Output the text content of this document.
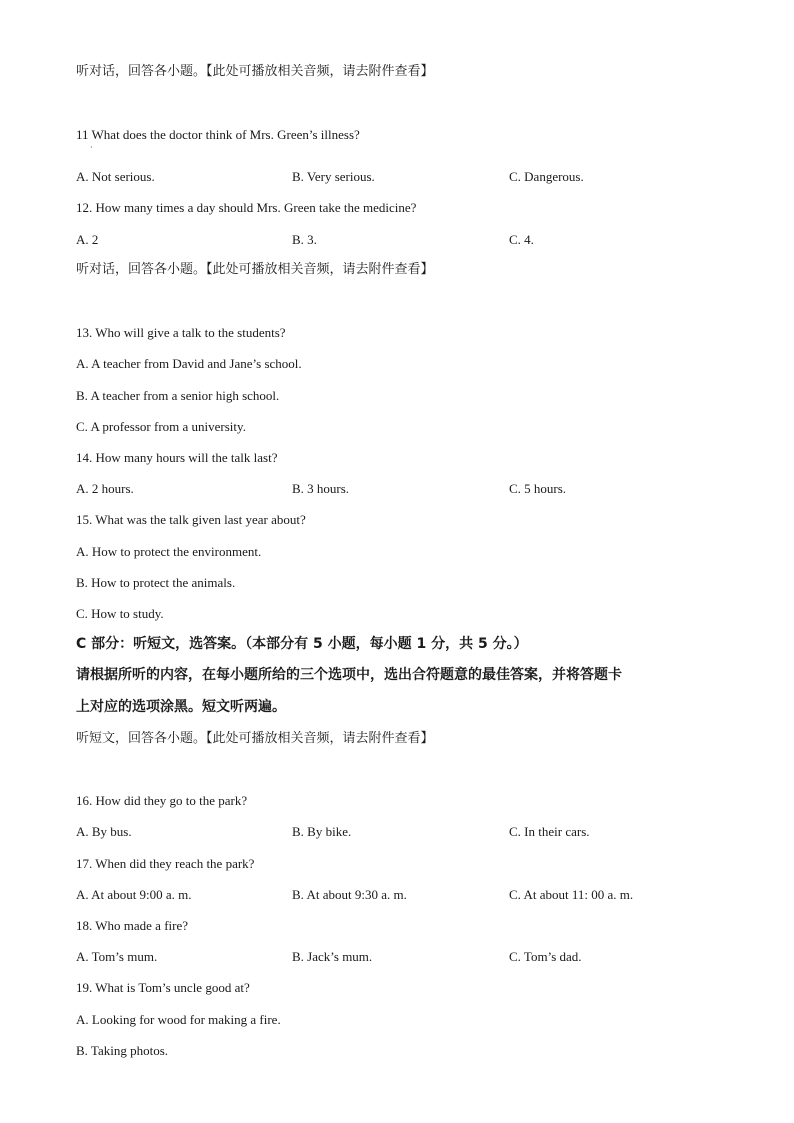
听对话，回答各小题。【此处可播放相关音频，请去附件查看】
11 What does the doctor think of Mrs. Green’s illness?
·
A. Not serious.	B. Very serious.	C. Dangerous.
12. How many times a day should Mrs. Green take the medicine?
A. 2	B. 3.	C. 4.
听对话，回答各小题。【此处可播放相关音频，请去附件查看】
13. Who will give a talk to the students?
A. A teacher from David and Jane’s school.
B. A teacher from a senior high school.
C. A professor from a university.
14. How many hours will the talk last?
A. 2 hours.	B. 3 hours.	C. 5 hours.
15. What was the talk given last year about?
A. How to protect the environment.
B. How to protect the animals.
C. How to study.
C 部分：听短文，选答案。（本部分有 5 小题，每小题 1 分，共 5 分。）
请根据所听的内容，在每小题所给的三个选项中，选出合符题意的最佳答案，并将答题卡
上对应的选项涂黑。短文听两遍。
听短文，回答各小题。【此处可播放相关音频，请去附件查看】
16. How did they go to the park?
A. By bus.	B. By bike.	C. In their cars.
17. When did they reach the park?
A. At about 9:00 a. m.	B. At about 9:30 a. m.	C. At about 11: 00 a. m.
18. Who made a fire?
A. Tom’s mum.	B. Jack’s mum.	C. Tom’s dad.
19. What is Tom’s uncle good at?
A. Looking for wood for making a fire.
B. Taking photos.
